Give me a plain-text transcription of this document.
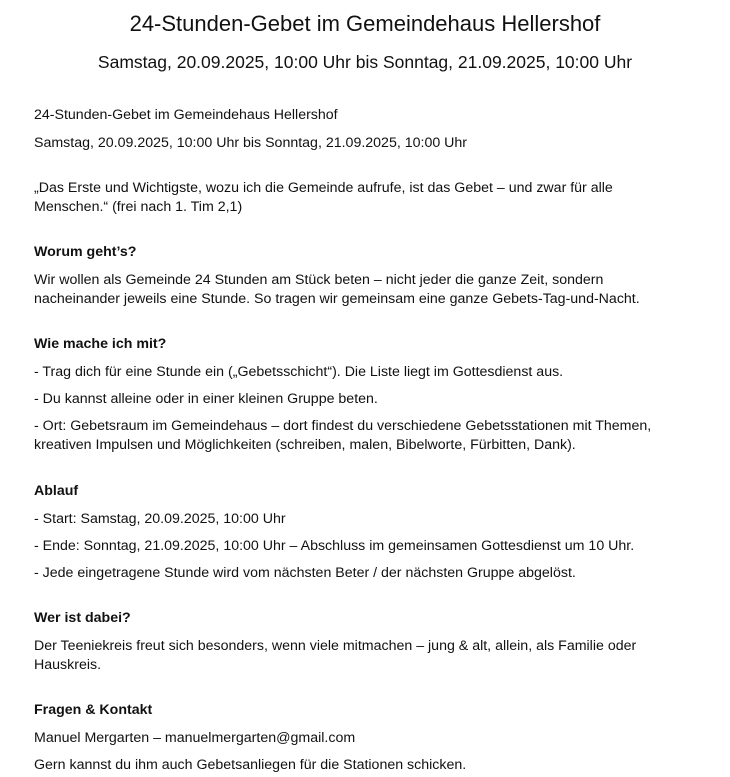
24-Stunden-Gebet im Gemeindehaus Hellershof
Samstag, 20.09.2025, 10:00 Uhr bis Sonntag, 21.09.2025, 10:00 Uhr

24-Stunden-Gebet im Gemeindehaus Hellershof

Samstag, 20.09.2025, 10:00 Uhr bis Sonntag, 21.09.2025, 10:00 Uhr

„Das Erste und Wichtigste, wozu ich die Gemeinde aufrufe, ist das Gebet – und zwar für alle

Menschen.“ (frei nach 1. Tim 2,1)

Worum geht’s?

Wir wollen als Gemeinde 24 Stunden am Stück beten – nicht jeder die ganze Zeit, sondern

nacheinander jeweils eine Stunde. So tragen wir gemeinsam eine ganze Gebets-Tag-und-Nacht.

Wie mache ich mit?

- Trag dich für eine Stunde ein („Gebetsschicht“). Die Liste liegt im Gottesdienst aus.

- Du kannst alleine oder in einer kleinen Gruppe beten.

- Ort: Gebetsraum im Gemeindehaus – dort findest du verschiedene Gebetsstationen mit Themen,

kreativen Impulsen und Möglichkeiten (schreiben, malen, Bibelworte, Fürbitten, Dank).

Ablauf

- Start: Samstag, 20.09.2025, 10:00 Uhr

- Ende: Sonntag, 21.09.2025, 10:00 Uhr – Abschluss im gemeinsamen Gottesdienst um 10 Uhr.

- Jede eingetragene Stunde wird vom nächsten Beter / der nächsten Gruppe abgelöst.

Wer ist dabei?

Der Teeniekreis freut sich besonders, wenn viele mitmachen – jung & alt, allein, als Familie oder

Hauskreis.

Fragen & Kontakt

Manuel Mergarten – manuelmergarten@gmail.com

Gern kannst du ihm auch Gebetsanliegen für die Stationen schicken.
